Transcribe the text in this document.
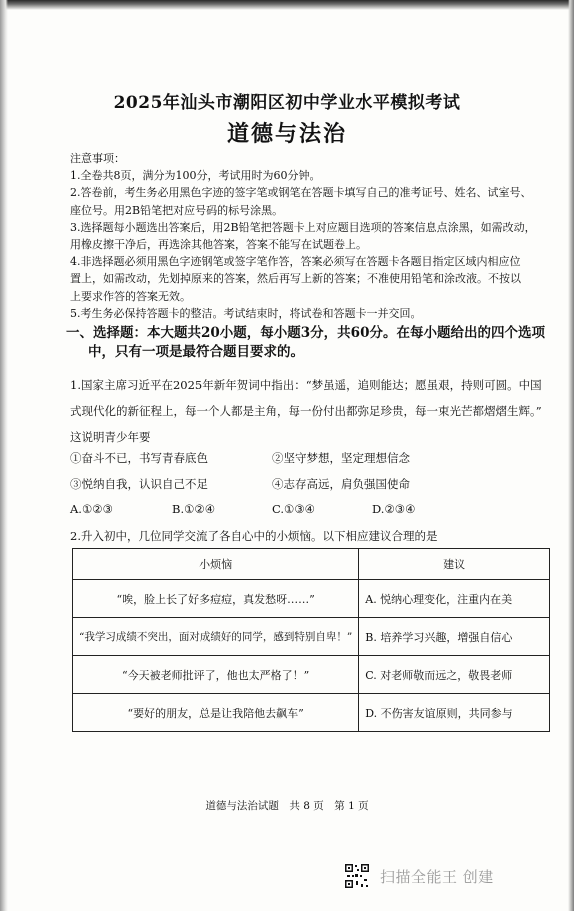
2025年汕头市潮阳区初中学业水平模拟考试
道德与法治

注意事项：

1.全卷共8页，满分为100分，考试用时为60分钟。

2.答卷前，考生务必用黑色字迹的签字笔或钢笔在答题卡填写自己的准考证号、姓名、试室号、

座位号。用2B铅笔把对应号码的标号涂黑。

3.选择题每小题选出答案后，用2B铅笔把答题卡上对应题目选项的答案信息点涂黑，如需改动，

用橡皮擦干净后，再选涂其他答案，答案不能写在试题卷上。

4.非选择题必须用黑色字迹钢笔或签字笔作答，答案必须写在答题卡各题目指定区域内相应位

置上，如需改动，先划掉原来的答案，然后再写上新的答案；不准使用铅笔和涂改液。不按以

上要求作答的答案无效。

5.考生务必保持答题卡的整洁。考试结束时，将试卷和答题卡一并交回。

一、选择题：本大题共20小题，每小题3分，共60分。在每小题给出的四个选项

中，只有一项是最符合题目要求的。

1.国家主席习近平在2025年新年贺词中指出：“梦虽遥，追则能达；愿虽艰，持则可圆。中国

式现代化的新征程上，每一个人都是主角，每一份付出都弥足珍贵，每一束光芒都熠熠生辉。”

这说明青少年要

①奋斗不已，书写青春底色	②坚守梦想，坚定理想信念
③悦纳自我，认识自己不足	④志存高远，肩负强国使命
A.①②③	B.①②④	C.①③④	D.②③④
2.升入初中，几位同学交流了各自心中的小烦恼。以下相应建议合理的是
小烦恼	建议
“唉，脸上长了好多痘痘，真发愁呀……”	A. 悦纳心理变化，注重内在美
“我学习成绩不突出，面对成绩好的同学，感到特别自卑！”	B. 培养学习兴趣，增强自信心
“今天被老师批评了，他也太严格了！”	C. 对老师敬而远之，敬畏老师
“要好的朋友，总是让我陪他去飙车”	D. 不伤害友谊原则，共同参与
道德与法治试题　共 8 页　第 1 页
扫描全能王 创建
